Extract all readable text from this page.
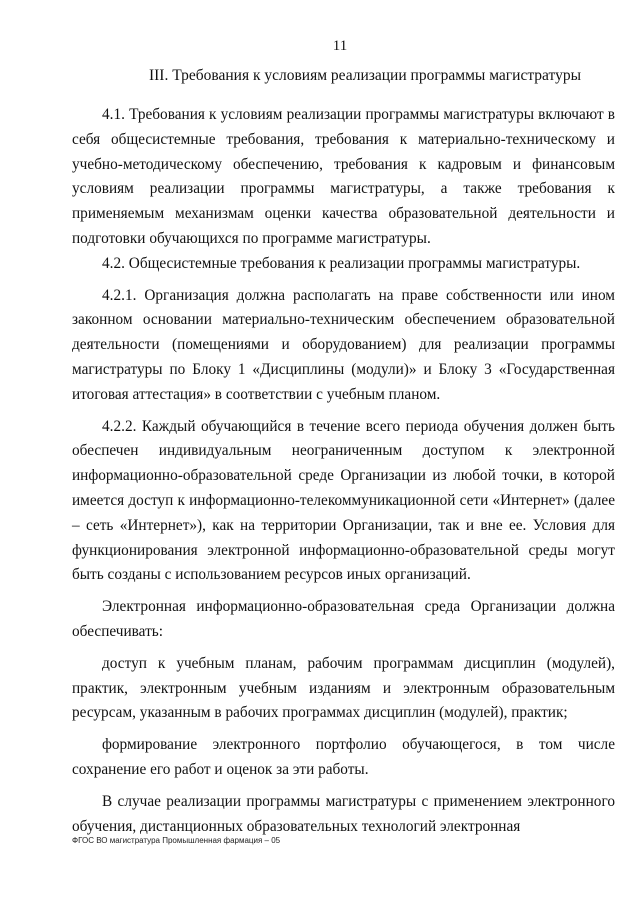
11
III. Требования к условиям реализации программы магистратуры

4.1. Требования к условиям реализации программы магистратуры включают в себя общесистемные требования, требования к материально-техническому и учебно-методическому обеспечению, требования к кадровым и финансовым условиям реализации программы магистратуры, а также требования к применяемым механизмам оценки качества образовательной деятельности и подготовки обучающихся по программе магистратуры.

4.2. Общесистемные требования к реализации программы магистратуры.

4.2.1. Организация должна располагать на праве собственности или ином законном основании материально-техническим обеспечением образовательной деятельности (помещениями и оборудованием) для реализации программы магистратуры по Блоку 1 «Дисциплины (модули)» и Блоку 3 «Государственная итоговая аттестация» в соответствии с учебным планом.

4.2.2. Каждый обучающийся в течение всего периода обучения должен быть обеспечен индивидуальным неограниченным доступом к электронной информационно-образовательной среде Организации из любой точки, в которой имеется доступ к информационно-телекоммуникационной сети «Интернет» (далее – сеть «Интернет»), как на территории Организации, так и вне ее. Условия для функционирования электронной информационно-образовательной среды могут быть созданы с использованием ресурсов иных организаций.

Электронная информационно-образовательная среда Организации должна обеспечивать:

доступ к учебным планам, рабочим программам дисциплин (модулей), практик, электронным учебным изданиям и электронным образовательным ресурсам, указанным в рабочих программах дисциплин (модулей), практик;

формирование электронного портфолио обучающегося, в том числе сохранение его работ и оценок за эти работы.

В случае реализации программы магистратуры с применением электронного обучения, дистанционных образовательных технологий электронная

ФГОС ВО магистратура Промышленная фармация – 05
